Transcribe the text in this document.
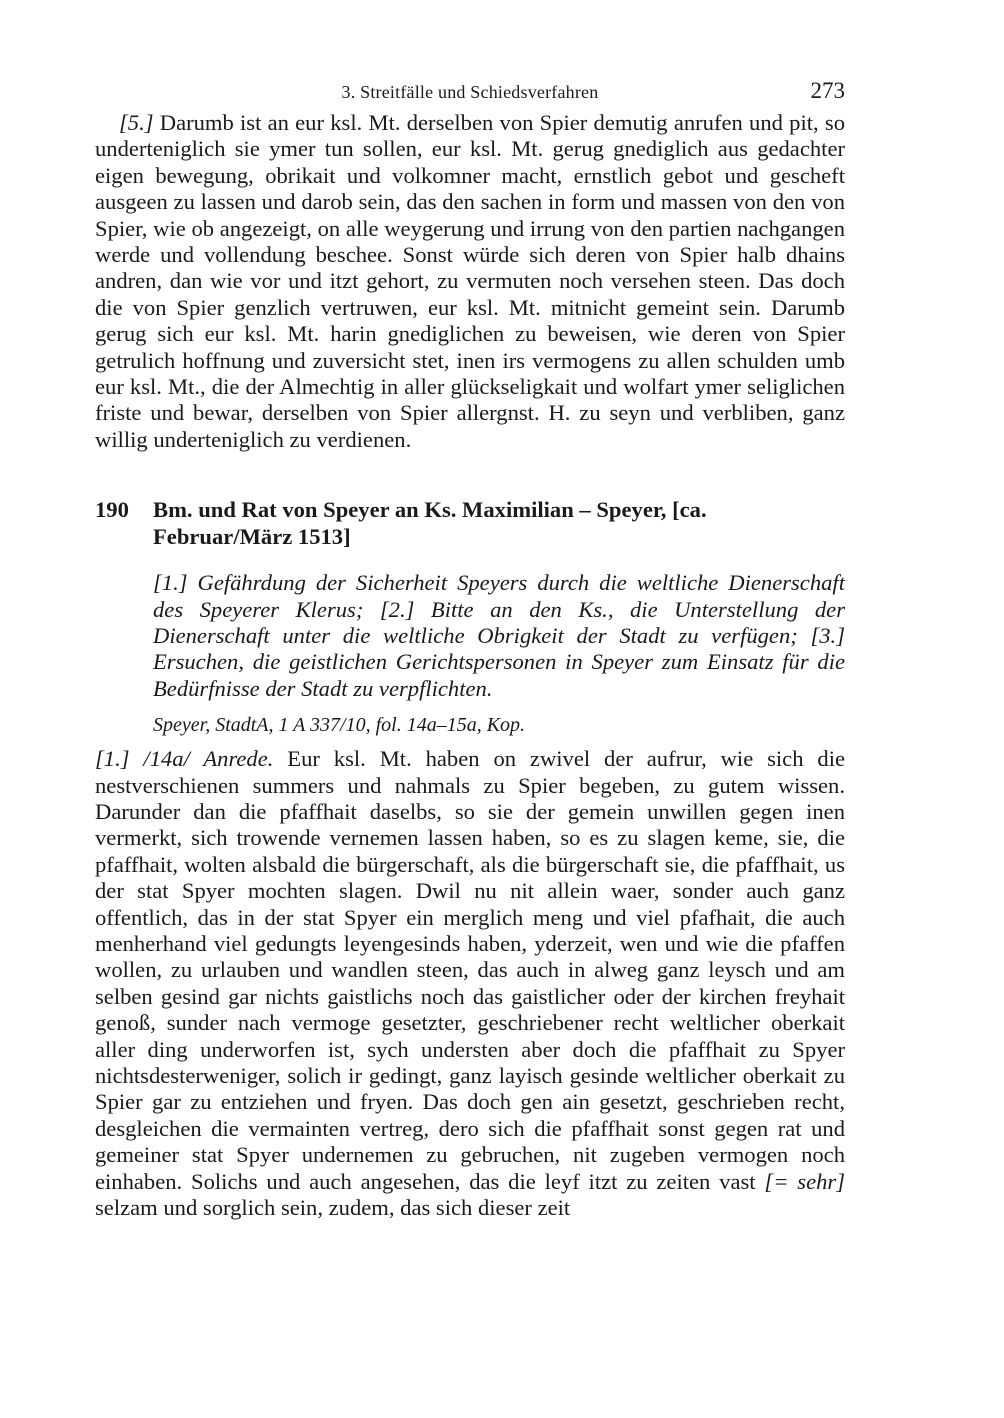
3. Streitfälle und Schiedsverfahren	273

[5.] Darumb ist an eur ksl. Mt. derselben von Spier demutig anrufen und pit, so underteniglich sie ymer tun sollen, eur ksl. Mt. gerug gnediglich aus gedachter eigen bewegung, obrikait und volkomner macht, ernstlich gebot und gescheft ausgeen zu lassen und darob sein, das den sachen in form und massen von den von Spier, wie ob angezeigt, on alle weygerung und irrung von den partien nachgangen werde und vollendung beschee. Sonst würde sich deren von Spier halb dhains andren, dan wie vor und itzt gehort, zu vermuten noch versehen steen. Das doch die von Spier genzlich vertruwen, eur ksl. Mt. mitnicht gemeint sein. Darumb gerug sich eur ksl. Mt. harin gnediglichen zu beweisen, wie deren von Spier getrulich hoffnung und zuversicht stet, inen irs vermogens zu allen schulden umb eur ksl. Mt., die der Almechtig in aller glückseligkait und wolfart ymer seliglichen friste und bewar, derselben von Spier allergnst. H. zu seyn und verbliben, ganz willig underteniglich zu verdienen.

190	Bm. und Rat von Speyer an Ks. Maximilian – Speyer, [ca. Februar/März 1513]
[1.] Gefährdung der Sicherheit Speyers durch die weltliche Dienerschaft des Speyerer Klerus; [2.] Bitte an den Ks., die Unterstellung der Dienerschaft unter die weltliche Obrigkeit der Stadt zu verfügen; [3.] Ersuchen, die geistlichen Gerichtspersonen in Speyer zum Einsatz für die Bedürfnisse der Stadt zu verpflichten.
Speyer, StadtA, 1 A 337/10, fol. 14a–15a, Kop.

[1.] /14a/ Anrede. Eur ksl. Mt. haben on zwivel der aufrur, wie sich die nestverschienen summers und nahmals zu Spier begeben, zu gutem wissen. Darunder dan die pfaffhait daselbs, so sie der gemein unwillen gegen inen vermerkt, sich trowende vernemen lassen haben, so es zu slagen keme, sie, die pfaffhait, wolten alsbald die bürgerschaft, als die bürgerschaft sie, die pfaffhait, us der stat Spyer mochten slagen. Dwil nu nit allein waer, sonder auch ganz offentlich, das in der stat Spyer ein merglich meng und viel pfafhait, die auch menherhand viel gedungts leyengesinds haben, yderzeit, wen und wie die pfaffen wollen, zu urlauben und wandlen steen, das auch in alweg ganz leysch und am selben gesind gar nichts gaistlichs noch das gaistlicher oder der kirchen freyhait genoß, sunder nach vermoge gesetzter, geschriebener recht weltlicher oberkait aller ding underworfen ist, sych understen aber doch die pfaffhait zu Spyer nichtsdesterweniger, solich ir gedingt, ganz layisch gesinde weltlicher oberkait zu Spier gar zu entziehen und fryen. Das doch gen ain gesetzt, geschrieben recht, desgleichen die vermainten vertreg, dero sich die pfaffhait sonst gegen rat und gemeiner stat Spyer undernemen zu gebruchen, nit zugeben vermogen noch einhaben. Solichs und auch angesehen, das die leyf itzt zu zeiten vast [= sehr] selzam und sorglich sein, zudem, das sich dieser zeit
